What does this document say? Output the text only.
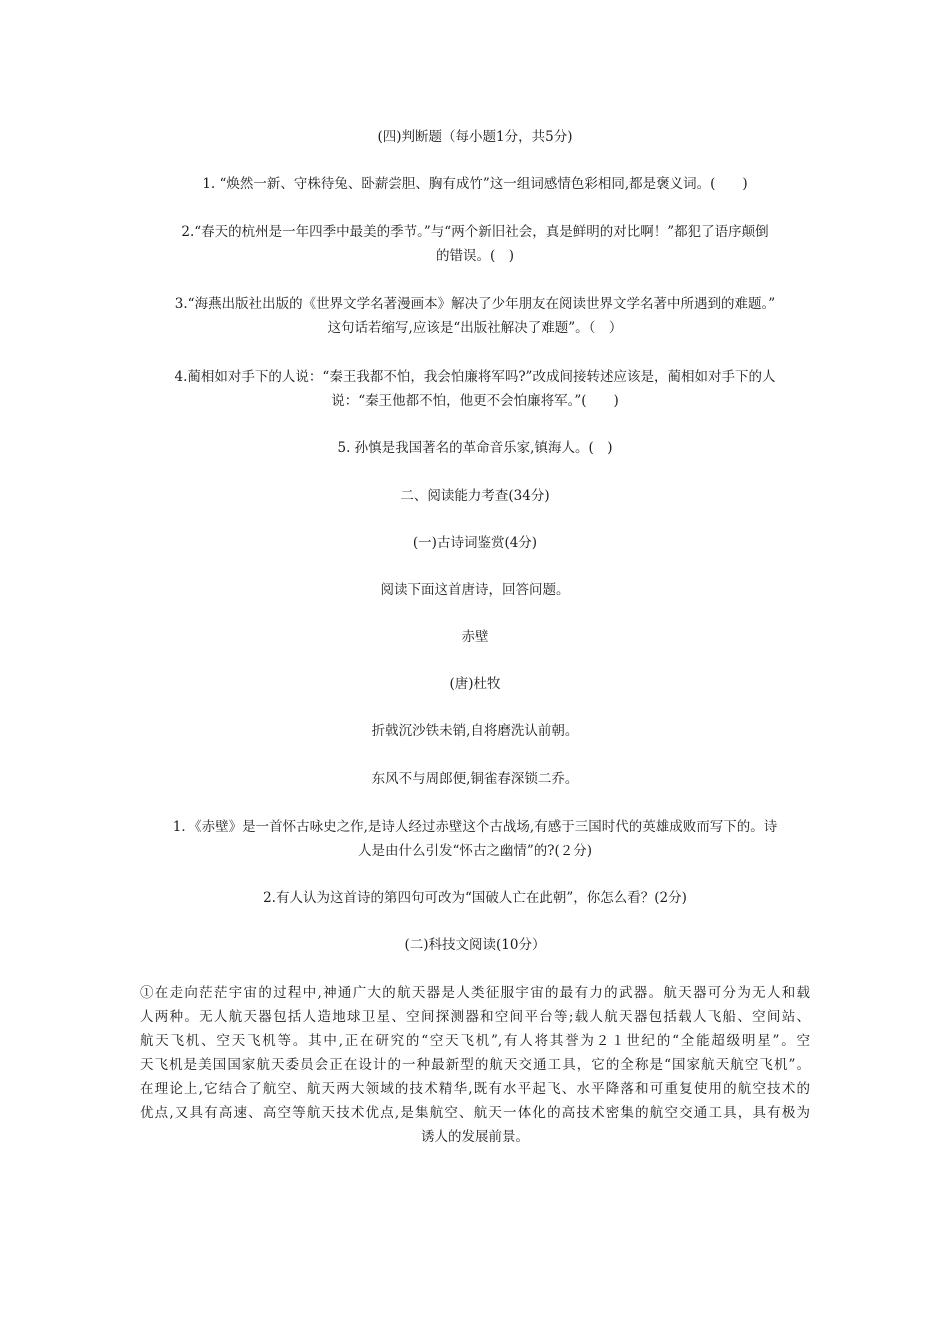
(四)判断题（每小题1分，共5分)
1. “焕然一新、守株待兔、卧薪尝胆、胸有成竹”这一组词感情色彩相同,都是褒义词。(　　)
2.“春天的杭州是一年四季中最美的季节。”与“两个新旧社会，真是鲜明的对比啊！”都犯了语序颠倒
的错误。(　)
3.“海燕出版社出版的《世界文学名著漫画本》解决了少年朋友在阅读世界文学名著中所遇到的难题。”
这句话若缩写,应该是“出版社解决了难题”。（　）
4.蔺相如对手下的人说：“秦王我都不怕，我会怕廉将军吗?”改成间接转述应该是，蔺相如对手下的人
说：“秦王他都不怕，他更不会怕廉将军。”(　　)
5. 孙慎是我国著名的革命音乐家,镇海人。(　)
二、阅读能力考查(34分)
(一)古诗词鉴赏(4分)
阅读下面这首唐诗，回答问题。
赤壁
(唐)杜牧
折戟沉沙铁未销,自将磨洗认前朝。
东风不与周郎便,铜雀春深锁二乔。
1．《赤壁》是一首怀古咏史之作,是诗人经过赤壁这个古战场,有感于三国时代的英雄成败而写下的。诗
人是由什么引发“怀古之幽情”的?(２分)
2.有人认为这首诗的第四句可改为“国破人亡在此朝”，你怎么看？(2分)
(二)科技文阅读(10分）
①在走向茫茫宇宙的过程中,神通广大的航天器是人类征服宇宙的最有力的武器。航天器可分为无人和载
人两种。无人航天器包括人造地球卫星、空间探测器和空间平台等;载人航天器包括载人飞船、空间站、
航天飞机、空天飞机等。其中,正在研究的“空天飞机”,有人将其誉为２１世纪的“全能超级明星”。空
天飞机是美国国家航天委员会正在设计的一种最新型的航天交通工具，它的全称是“国家航天航空飞机”。
在理论上,它结合了航空、航天两大领域的技术精华,既有水平起飞、水平降落和可重复使用的航空技术的
优点,又具有高速、高空等航天技术优点,是集航空、航天一体化的高技术密集的航空交通工具，具有极为
诱人的发展前景。
